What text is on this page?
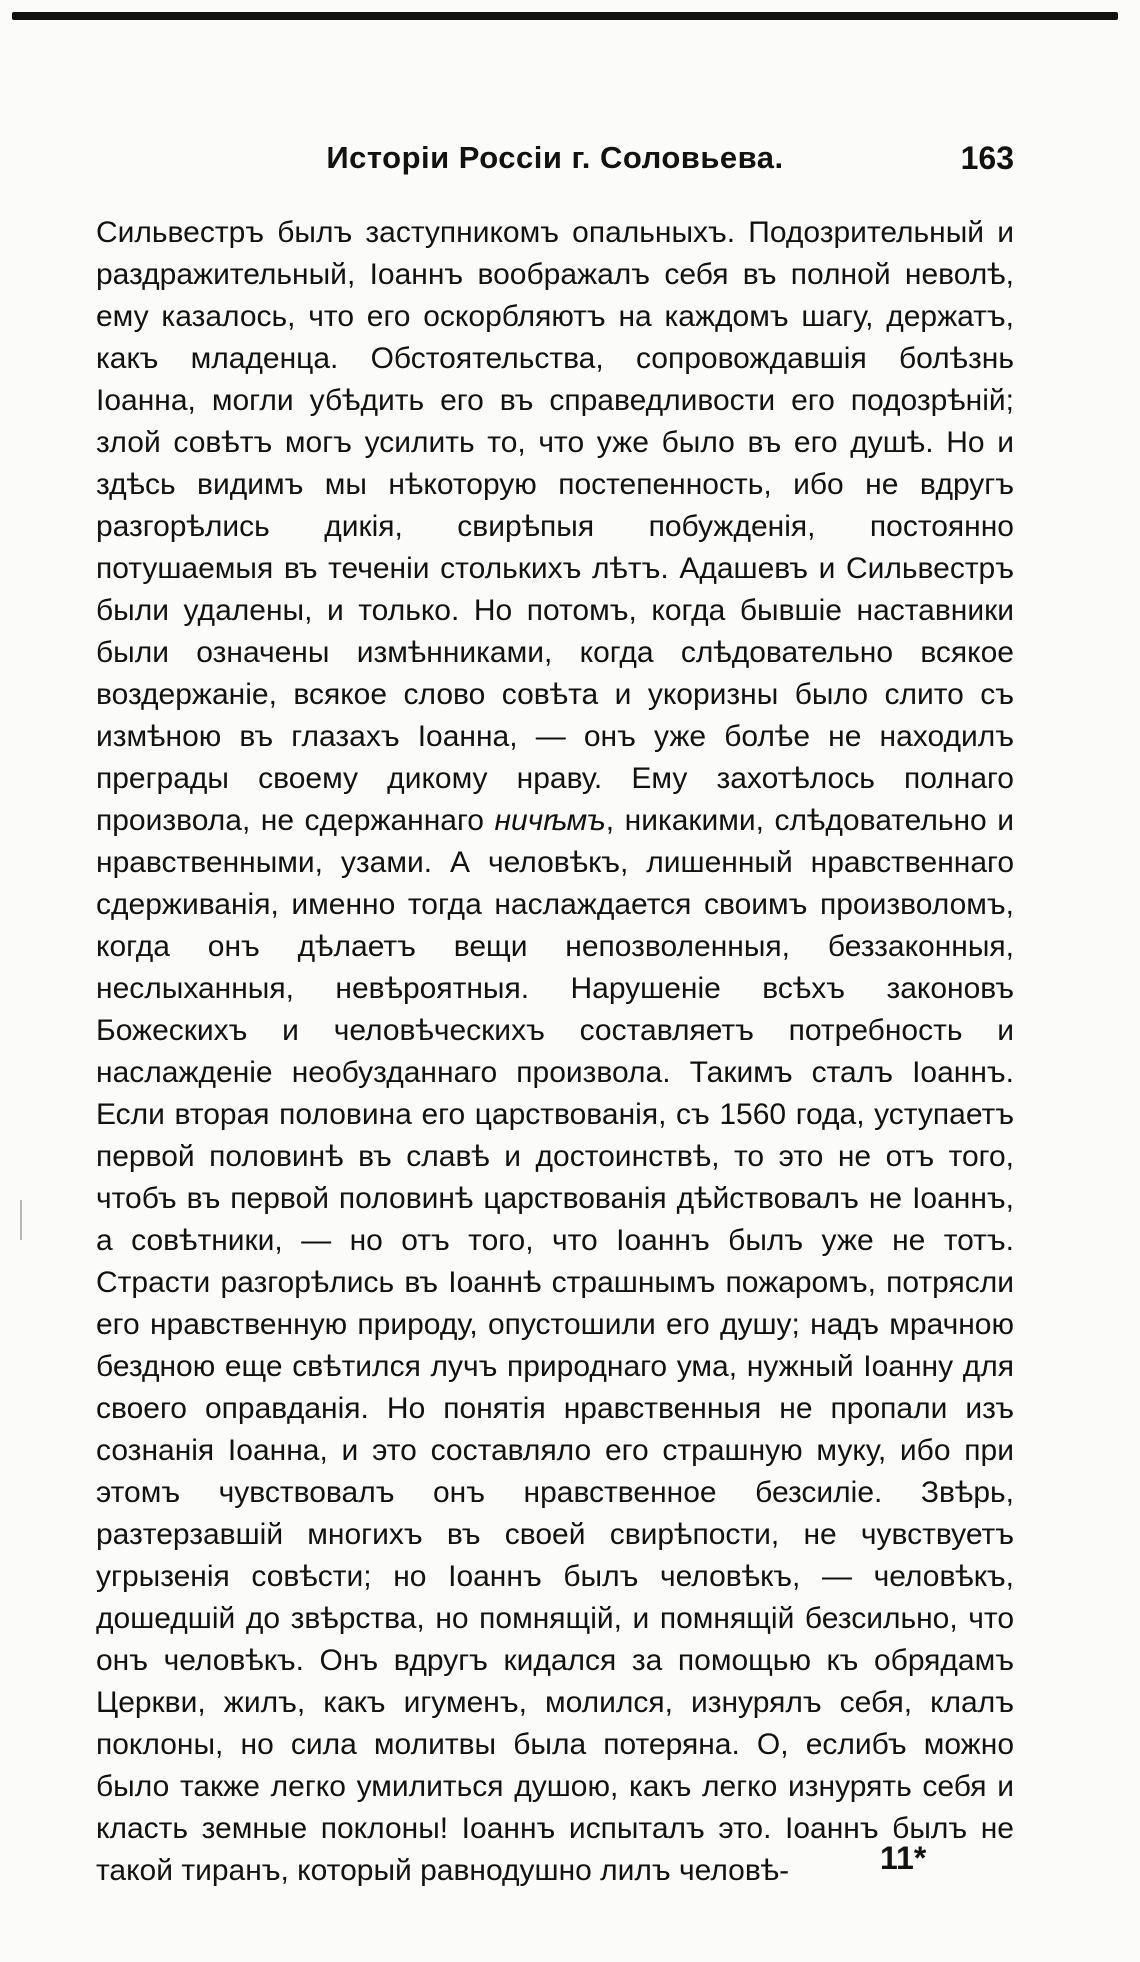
Исторiи Россiи г. Соловьева.	163

Сильвестръ былъ заступникомъ опальныхъ. Подозрительный и раздражительный, Iоаннъ воображалъ себя въ полной неволѣ, ему казалось, что его оскорбляютъ на каждомъ шагу, держатъ, какъ младенца. Обстоятельства, сопровождавшiя болѣзнь Iоанна, могли убѣдить его въ справедливости его подозрѣнiй; злой совѣтъ могъ усилить то, что уже было въ его душѣ. Но и здѣсь видимъ мы нѣкоторую постепенность, ибо не вдругъ разгорѣлись дикiя, свирѣпыя побужденiя, постоянно потушаемыя въ теченiи столькихъ лѣтъ. Адашевъ и Сильвестръ были удалены, и только. Но потомъ, когда бывшiе наставники были означены измѣнниками, когда слѣдовательно всякое воздержанiе, всякое слово совѣта и укоризны было слито съ измѣною въ глазахъ Iоанна, — онъ уже болѣе не находилъ преграды своему дикому нраву. Ему захотѣлось полнаго произвола, не сдержаннаго ничѣмъ, никакими, слѣдовательно и нравственными, узами. А человѣкъ, лишенный нравственнаго сдерживанiя, именно тогда наслаждается своимъ произволомъ, когда онъ дѣлаетъ вещи непозволенныя, беззаконныя, неслыханныя, невѣроятныя. Нарушенiе всѣхъ законовъ Божескихъ и человѣческихъ составляетъ потребность и наслажденiе необузданнаго произвола. Такимъ сталъ Iоаннъ. Если вторая половина его царствованiя, съ 1560 года, уступаетъ первой половинѣ въ славѣ и достоинствѣ, то это не отъ того, чтобъ въ первой половинѣ царствованiя дѣйствовалъ не Iоаннъ, а совѣтники, — но отъ того, что Iоаннъ былъ уже не тотъ. Страсти разгорѣлись въ Iоаннѣ страшнымъ пожаромъ, потрясли его нравственную природу, опустошили его душу; надъ мрачною бездною еще свѣтился лучъ природнаго ума, нужный Iоанну для своего оправданiя. Но понятiя нравственныя не пропали изъ сознанiя Iоанна, и это составляло его страшную муку, ибо при этомъ чувствовалъ онъ нравственное безсилiе. Звѣрь, разтерзавшiй многихъ въ своей свирѣпости, не чувствуетъ угрызенiя совѣсти; но Iоаннъ былъ человѣкъ, — человѣкъ, дошедшiй до звѣрства, но помнящiй, и помнящiй безсильно, что онъ человѣкъ. Онъ вдругъ кидался за помощью къ обрядамъ Церкви, жилъ, какъ игуменъ, молился, изнурялъ себя, клалъ поклоны, но сила молитвы была потеряна. О, еслибъ можно было также легко умилиться душою, какъ легко изнурять себя и класть земные поклоны! Iоаннъ испыталъ это. Iоаннъ былъ не такой тиранъ, который равнодушно лилъ человѣ-	11*
